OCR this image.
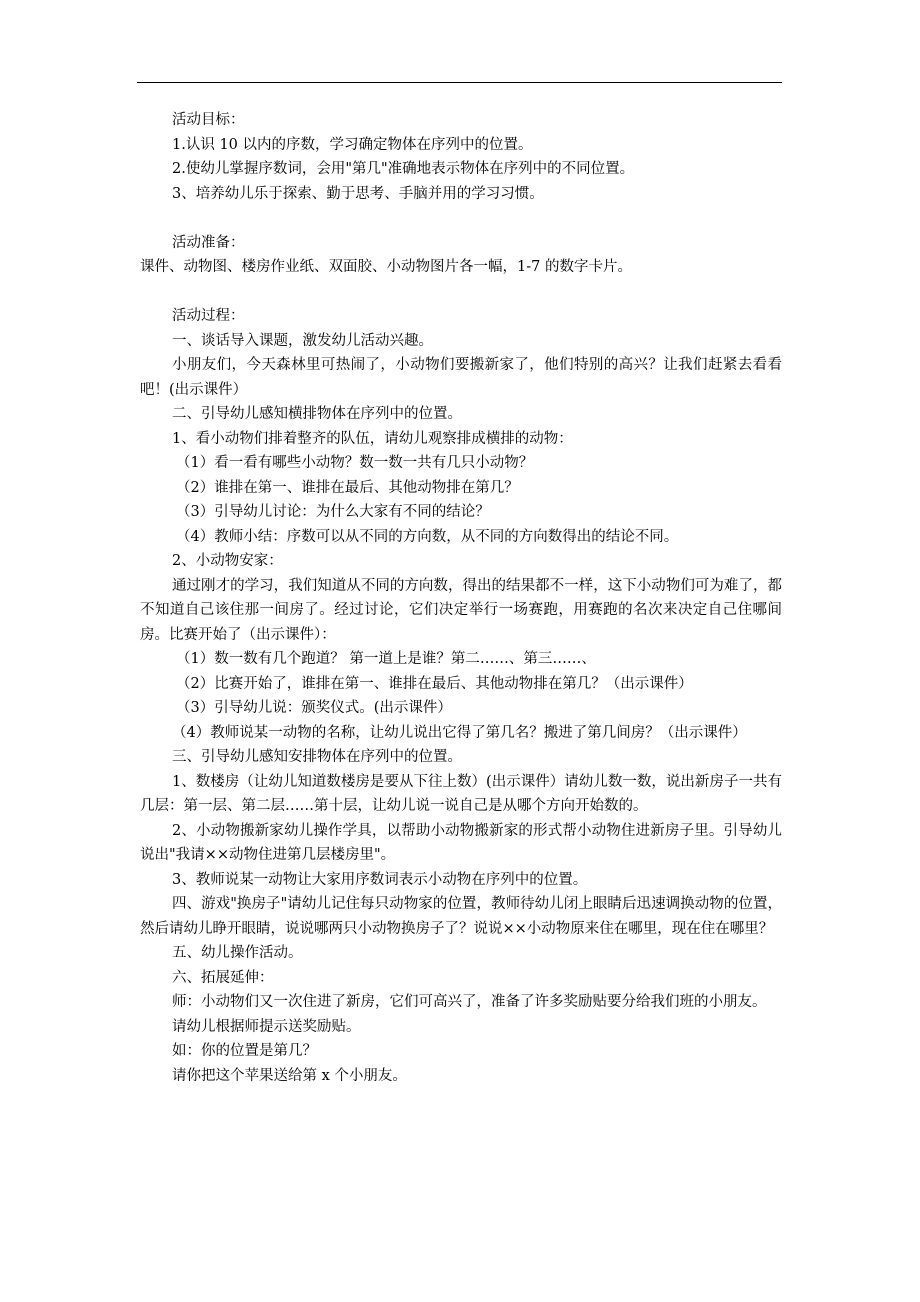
活动目标：
1.认识 10 以内的序数，学习确定物体在序列中的位置。
2.使幼儿掌握序数词，会用"第几"准确地表示物体在序列中的不同位置。
3、培养幼儿乐于探索、勤于思考、手脑并用的学习习惯。
活动准备：
课件、动物图、楼房作业纸、双面胶、小动物图片各一幅，1-7 的数字卡片。
活动过程：
一、谈话导入课题，激发幼儿活动兴趣。
小朋友们，今天森林里可热闹了，小动物们要搬新家了，他们特别的高兴？让我们赶紧去看看吧！(出示课件）
二、引导幼儿感知横排物体在序列中的位置。
1、看小动物们排着整齐的队伍，请幼儿观察排成横排的动物：
（1）看一看有哪些小动物？数一数一共有几只小动物？
（2）谁排在第一、谁排在最后、其他动物排在第几？
（3）引导幼儿讨论：为什么大家有不同的结论？
（4）教师小结：序数可以从不同的方向数，从不同的方向数得出的结论不同。
2、小动物安家：
通过刚才的学习，我们知道从不同的方向数，得出的结果都不一样，这下小动物们可为难了，都不知道自己该住那一间房了。经过讨论，它们决定举行一场赛跑，用赛跑的名次来决定自己住哪间房。比赛开始了（出示课件）：
（1）数一数有几个跑道？ 第一道上是谁？第二……、第三……、
（2）比赛开始了，谁排在第一、谁排在最后、其他动物排在第几？（出示课件）
（3）引导幼儿说：颁奖仪式。(出示课件）
（4）教师说某一动物的名称，让幼儿说出它得了第几名？搬进了第几间房？（出示课件）
三、引导幼儿感知安排物体在序列中的位置。
1、数楼房（让幼儿知道数楼房是要从下往上数）(出示课件）请幼儿数一数，说出新房子一共有几层：第一层、第二层……第十层，让幼儿说一说自己是从哪个方向开始数的。
2、小动物搬新家幼儿操作学具，以帮助小动物搬新家的形式帮小动物住进新房子里。引导幼儿说出"我请××动物住进第几层楼房里"。
3、教师说某一动物让大家用序数词表示小动物在序列中的位置。
四、游戏"换房子"请幼儿记住每只动物家的位置，教师待幼儿闭上眼睛后迅速调换动物的位置，然后请幼儿睁开眼睛，说说哪两只小动物换房子了？说说××小动物原来住在哪里，现在住在哪里？
五、幼儿操作活动。
六、拓展延伸：
师：小动物们又一次住进了新房，它们可高兴了，准备了许多奖励贴要分给我们班的小朋友。
请幼儿根据师提示送奖励贴。
如：你的位置是第几？
请你把这个苹果送给第 x 个小朋友。
